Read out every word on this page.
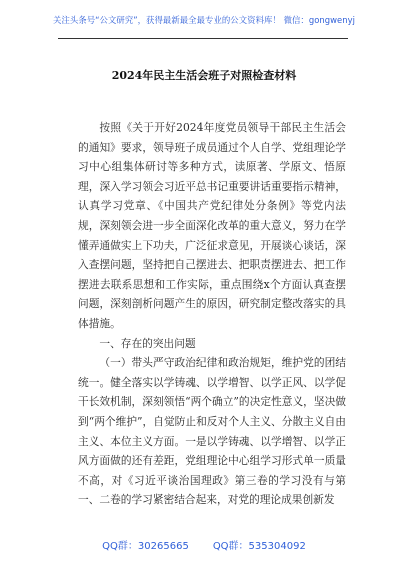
关注头条号“公文研究”，获得最新最全最专业的公文资料库！ 微信：gongwenyj
2024年民主生活会班子对照检查材料

按照《关于开好2024年度党员领导干部民主生活会的通知》要求，领导班子成员通过个人自学、党组理论学习中心组集体研讨等多种方式，读原著、学原文、悟原理，深入学习领会习近平总书记重要讲话重要指示精神，认真学习党章、《中国共产党纪律处分条例》等党内法规，深刻领会进一步全面深化改革的重大意义，努力在学懂弄通做实上下功夫，广泛征求意见，开展谈心谈话，深入查摆问题，坚持把自己摆进去、把职责摆进去、把工作摆进去联系思想和工作实际，重点围绕x个方面认真查摆问题，深刻剖析问题产生的原因，研究制定整改落实的具体措施。

一、存在的突出问题

（一）带头严守政治纪律和政治规矩，维护党的团结统一。健全落实以学铸魂、以学增智、以学正风、以学促干长效机制，深刻领悟“两个确立”的决定性意义，坚决做到“两个维护”，自觉防止和反对个人主义、分散主义自由主义、本位主义方面。一是以学铸魂、以学增智、以学正风方面做的还有差距，党组理论中心组学习形式单一质量不高，对《习近平谈治国理政》第三卷的学习没有与第一、二卷的学习紧密结合起来，对党的理论成果创新发

QQ群：30265665 QQ群：535304092
